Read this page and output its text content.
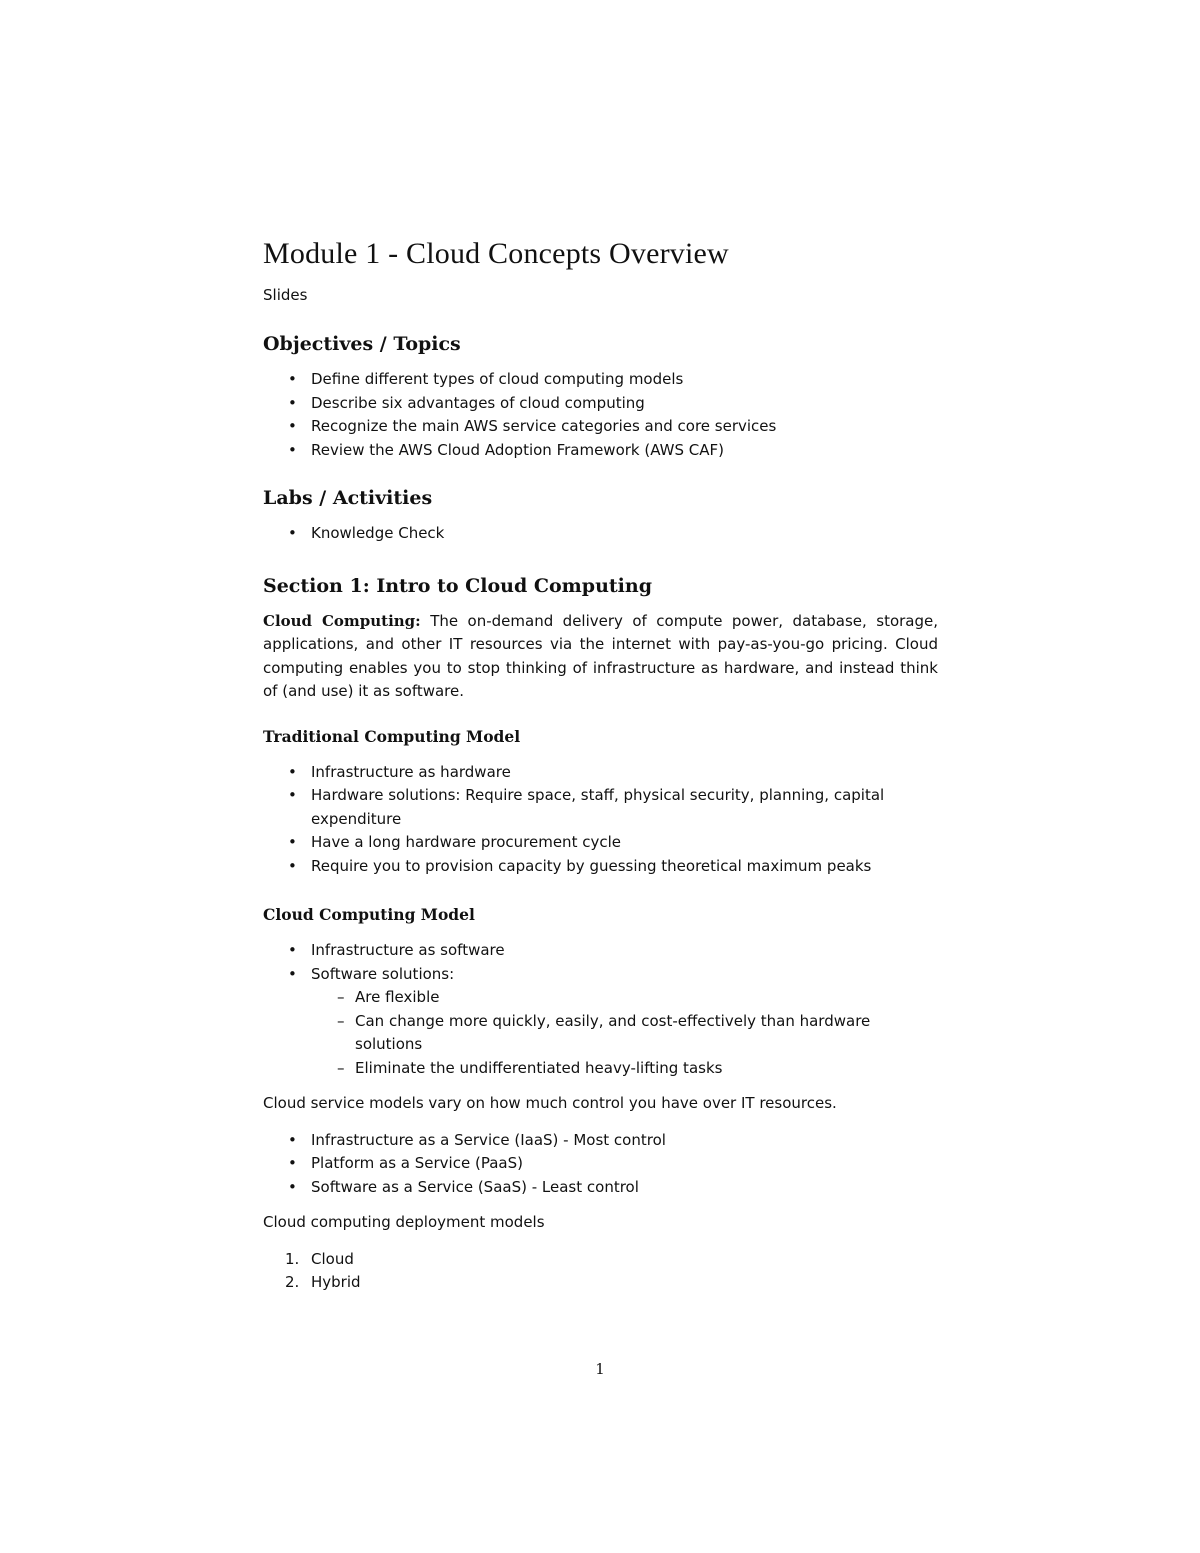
Module 1 - Cloud Concepts Overview
Slides
Objectives / Topics
• Define different types of cloud computing models
• Describe six advantages of cloud computing
• Recognize the main AWS service categories and core services
• Review the AWS Cloud Adoption Framework (AWS CAF)
Labs / Activities
• Knowledge Check
Section 1: Intro to Cloud Computing

Cloud Computing: The on-demand delivery of compute power, database, storage, applications, and other IT resources via the internet with pay-as-you-go pricing. Cloud computing enables you to stop thinking of infrastructure as hardware, and instead think of (and use) it as software.

Traditional Computing Model
• Infrastructure as hardware
• Hardware solutions: Require space, staff, physical security, planning, capital expenditure
• Have a long hardware procurement cycle
• Require you to provision capacity by guessing theoretical maximum peaks
Cloud Computing Model
• Infrastructure as software
• Software solutions:
– Are flexible
– Can change more quickly, easily, and cost-effectively than hardware solutions
– Eliminate the undifferentiated heavy-lifting tasks

Cloud service models vary on how much control you have over IT resources.

• Infrastructure as a Service (IaaS) - Most control
• Platform as a Service (PaaS)
• Software as a Service (SaaS) - Least control

Cloud computing deployment models

1. Cloud
2. Hybrid
1
